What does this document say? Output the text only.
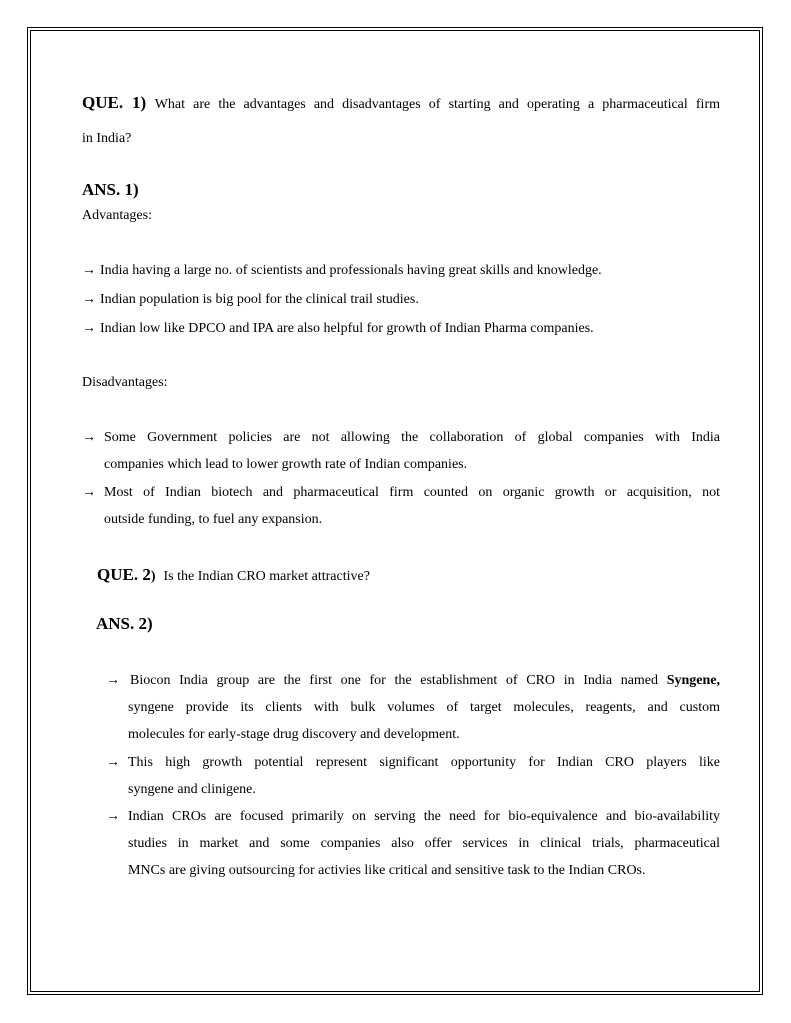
QUE. 1) What are the advantages and disadvantages of starting and operating a pharmaceutical firm
in India?
ANS. 1)
Advantages:
→ India having a large no. of scientists and professionals having great skills and knowledge.
→ Indian population is big pool for the clinical trail studies.
→ Indian low like DPCO and IPA are also helpful for growth of Indian Pharma companies.
Disadvantages:
→ Some Government policies are not allowing the collaboration of global companies with India
companies which lead to lower growth rate of Indian companies.
→ Most of Indian biotech and pharmaceutical firm counted on organic growth or acquisition, not
outside funding, to fuel any expansion.
QUE. 2) Is the Indian CRO market attractive?
ANS. 2)
→ Biocon India group are the first one for the establishment of CRO in India named Syngene,
syngene provide its clients with bulk volumes of target molecules, reagents, and custom
molecules for early-stage drug discovery and development.
→ This high growth potential represent significant opportunity for Indian CRO players like
syngene and clinigene.
→ Indian CROs are focused primarily on serving the need for bio-equivalence and bio-availability
studies in market and some companies also offer services in clinical trials, pharmaceutical
MNCs are giving outsourcing for activies like critical and sensitive task to the Indian CROs.
